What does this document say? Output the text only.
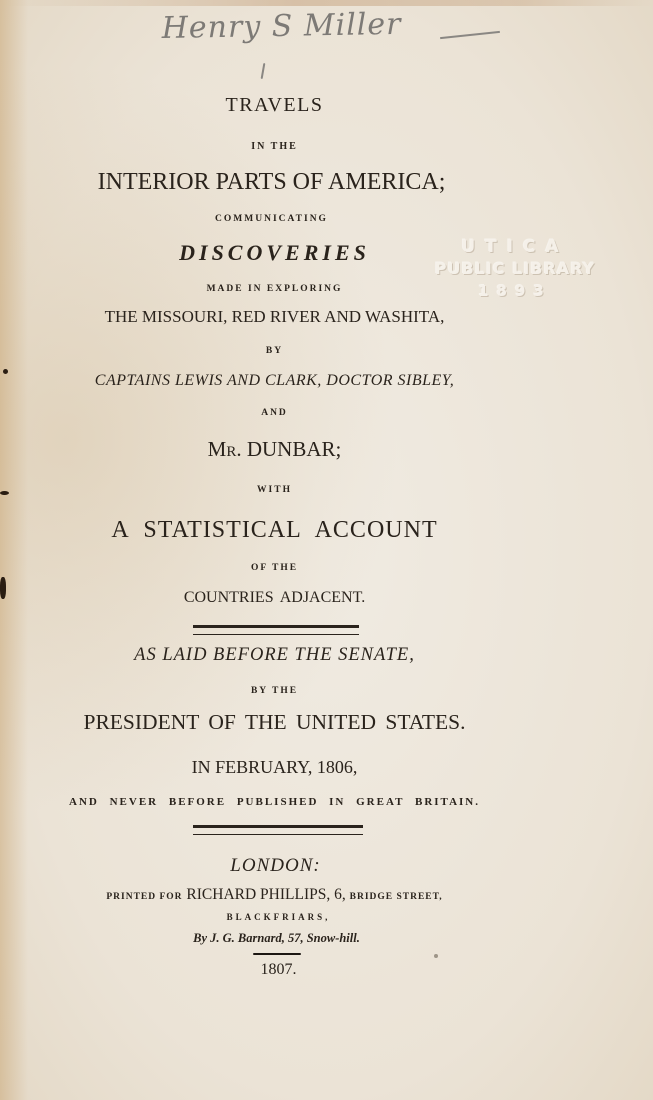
Henry S Miller
UTICA
PUBLIC LIBRARY
1893
TRAVELS
IN THE
INTERIOR PARTS OF AMERICA;
COMMUNICATING
DISCOVERIES
MADE IN EXPLORING
THE MISSOURI, RED RIVER AND WASHITA,
BY
CAPTAINS LEWIS AND CLARK, DOCTOR SIBLEY,
AND
Mr. DUNBAR;
WITH
A STATISTICAL ACCOUNT
OF THE
COUNTRIES ADJACENT.
AS LAID BEFORE THE SENATE,
BY THE
PRESIDENT OF THE UNITED STATES.
IN FEBRUARY, 1806,
AND NEVER BEFORE PUBLISHED IN GREAT BRITAIN.
LONDON:
PRINTED FOR RICHARD PHILLIPS, 6, BRIDGE STREET,
BLACKFRIARS,
By J. G. Barnard, 57, Snow-hill.
1807.
